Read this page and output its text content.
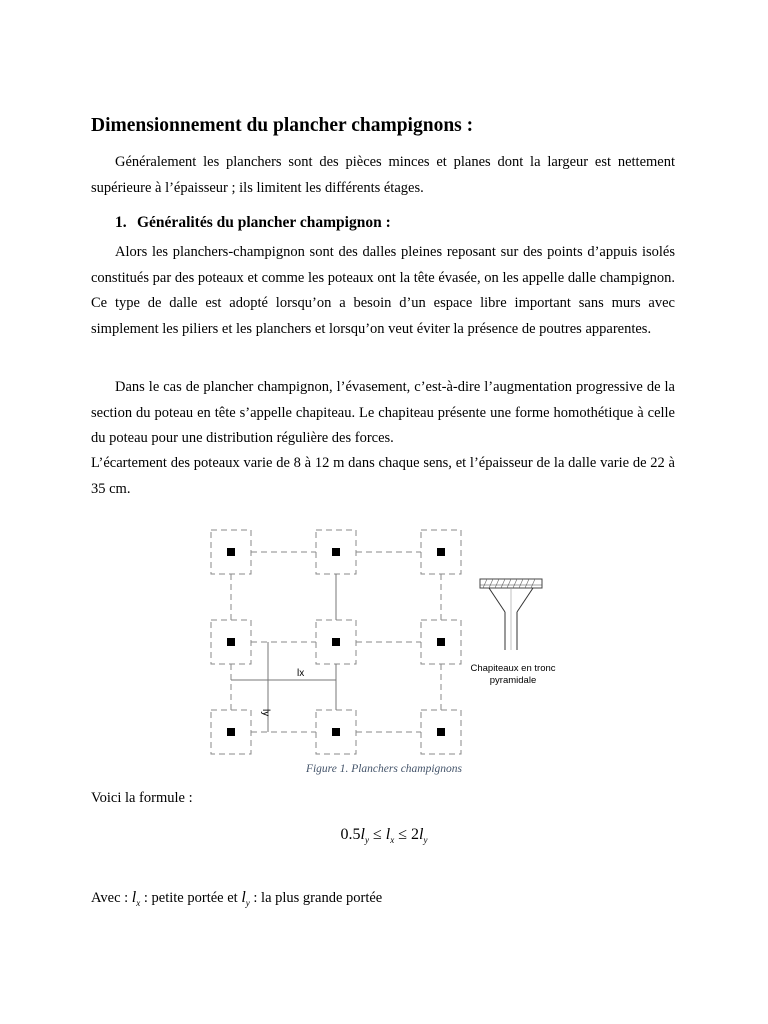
Dimensionnement du plancher champignons :

Généralement les planchers sont des pièces minces et planes dont la largeur est nettement supérieure à l’épaisseur ; ils limitent les différents étages.

1. Généralités du plancher champignon :

Alors les planchers-champignon sont des dalles pleines reposant sur des points d’appuis isolés constitués par des poteaux et comme les poteaux ont la tête évasée, on les appelle dalle champignon. Ce type de dalle est adopté lorsqu’on a besoin d’un espace libre important sans murs avec simplement les piliers et les planchers et lorsqu’on veut éviter la présence de poutres apparentes.

Dans le cas de plancher champignon, l’évasement, c’est-à-dire l’augmentation progressive de la section du poteau en tête s’appelle chapiteau. Le chapiteau présente une forme homothétique à celle du poteau pour une distribution régulière des forces.

L’écartement des poteaux varie de 8 à 12 m dans chaque sens, et l’épaisseur de la dalle varie de 22 à 35 cm.

lx
ly
Chapiteaux en tronc
pyramidale
Figure 1. Planchers champignons

Voici la formule :

$0.5l_y \le l_x \le 2l_y$

Avec : $l_x$ : petite portée et $l_y$ : la plus grande portée
